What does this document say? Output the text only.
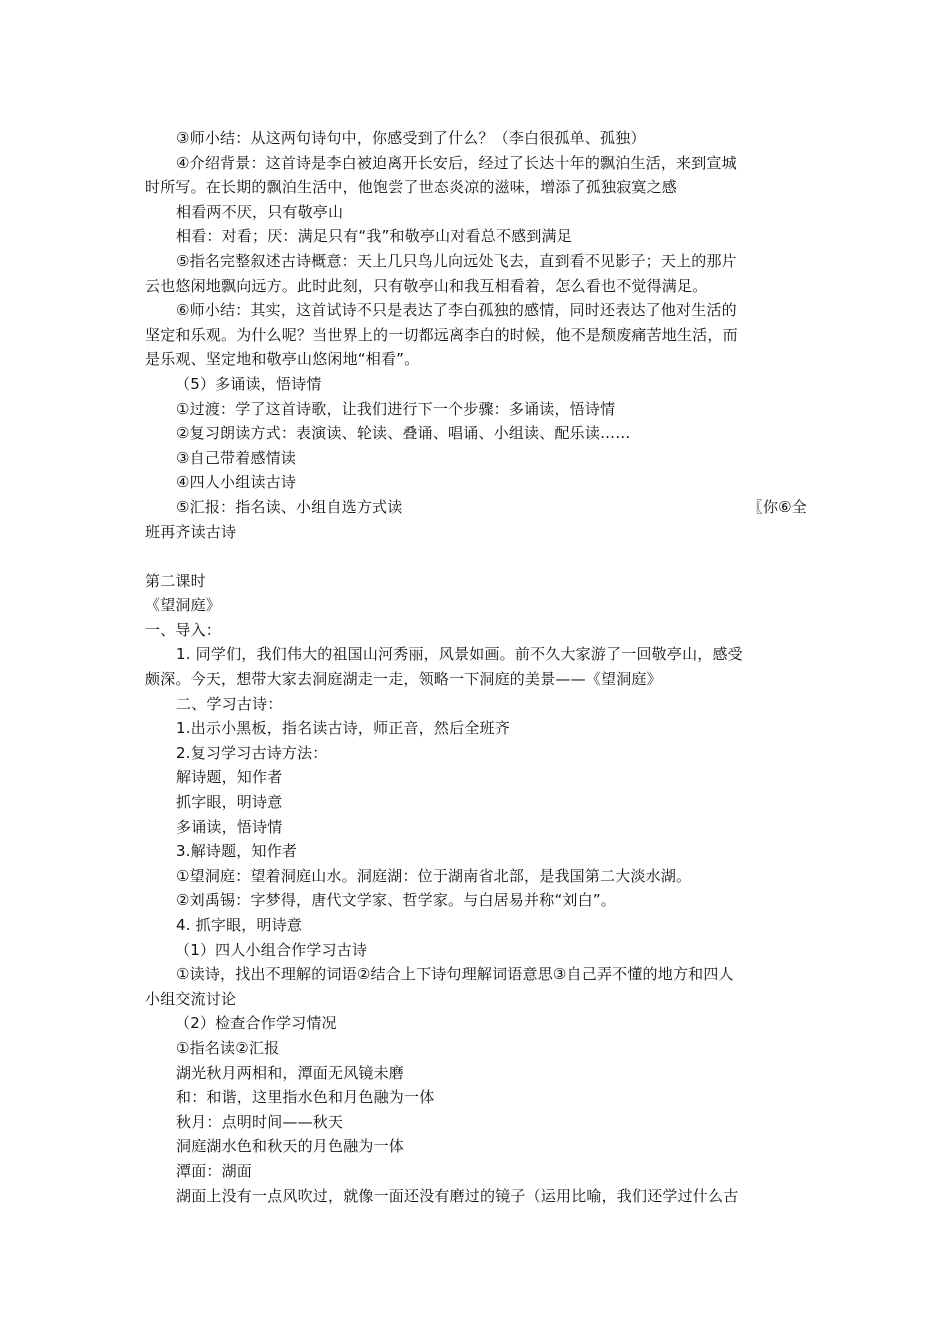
③师小结：从这两句诗句中，你感受到了什么？（李白很孤单、孤独）
④介绍背景：这首诗是李白被迫离开长安后，经过了长达十年的飘泊生活，来到宣城
时所写。在长期的飘泊生活中，他饱尝了世态炎凉的滋味，增添了孤独寂寞之感
相看两不厌，只有敬亭山
相看：对看；厌：满足只有“我”和敬亭山对看总不感到满足
⑤指名完整叙述古诗概意：天上几只鸟儿向远处飞去，直到看不见影子；天上的那片
云也悠闲地飘向远方。此时此刻，只有敬亭山和我互相看着，怎么看也不觉得满足。
⑥师小结：其实，这首试诗不只是表达了李白孤独的感情，同时还表达了他对生活的
坚定和乐观。为什么呢？当世界上的一切都远离李白的时候，他不是颓废痛苦地生活，而
是乐观、坚定地和敬亭山悠闲地“相看”。
（5）多诵读，悟诗情
①过渡：学了这首诗歌，让我们进行下一个步骤：多诵读，悟诗情
②复习朗读方式：表演读、轮读、叠诵、唱诵、小组读、配乐读……
③自己带着感情读
④四人小组读古诗
⑤汇报：指名读、小组自选方式读	〖你⑥全
班再齐读古诗
第二课时
《望洞庭》
一、导入：
1. 同学们，我们伟大的祖国山河秀丽，风景如画。前不久大家游了一回敬亭山，感受
颇深。今天，想带大家去洞庭湖走一走，领略一下洞庭的美景——《望洞庭》
二、学习古诗：
1.出示小黑板，指名读古诗，师正音，然后全班齐
2.复习学习古诗方法：
解诗题，知作者
抓字眼，明诗意
多诵读，悟诗情
3.解诗题，知作者
①望洞庭：望着洞庭山水。洞庭湖：位于湖南省北部，是我国第二大淡水湖。
②刘禹锡：字梦得，唐代文学家、哲学家。与白居易并称“刘白”。
4. 抓字眼，明诗意
（1）四人小组合作学习古诗
①读诗，找出不理解的词语②结合上下诗句理解词语意思③自己弄不懂的地方和四人
小组交流讨论
（2）检查合作学习情况
①指名读②汇报
湖光秋月两相和，潭面无风镜未磨
和：和谐，这里指水色和月色融为一体
秋月：点明时间——秋天
洞庭湖水色和秋天的月色融为一体
潭面：湖面
湖面上没有一点风吹过，就像一面还没有磨过的镜子（运用比喻，我们还学过什么古
